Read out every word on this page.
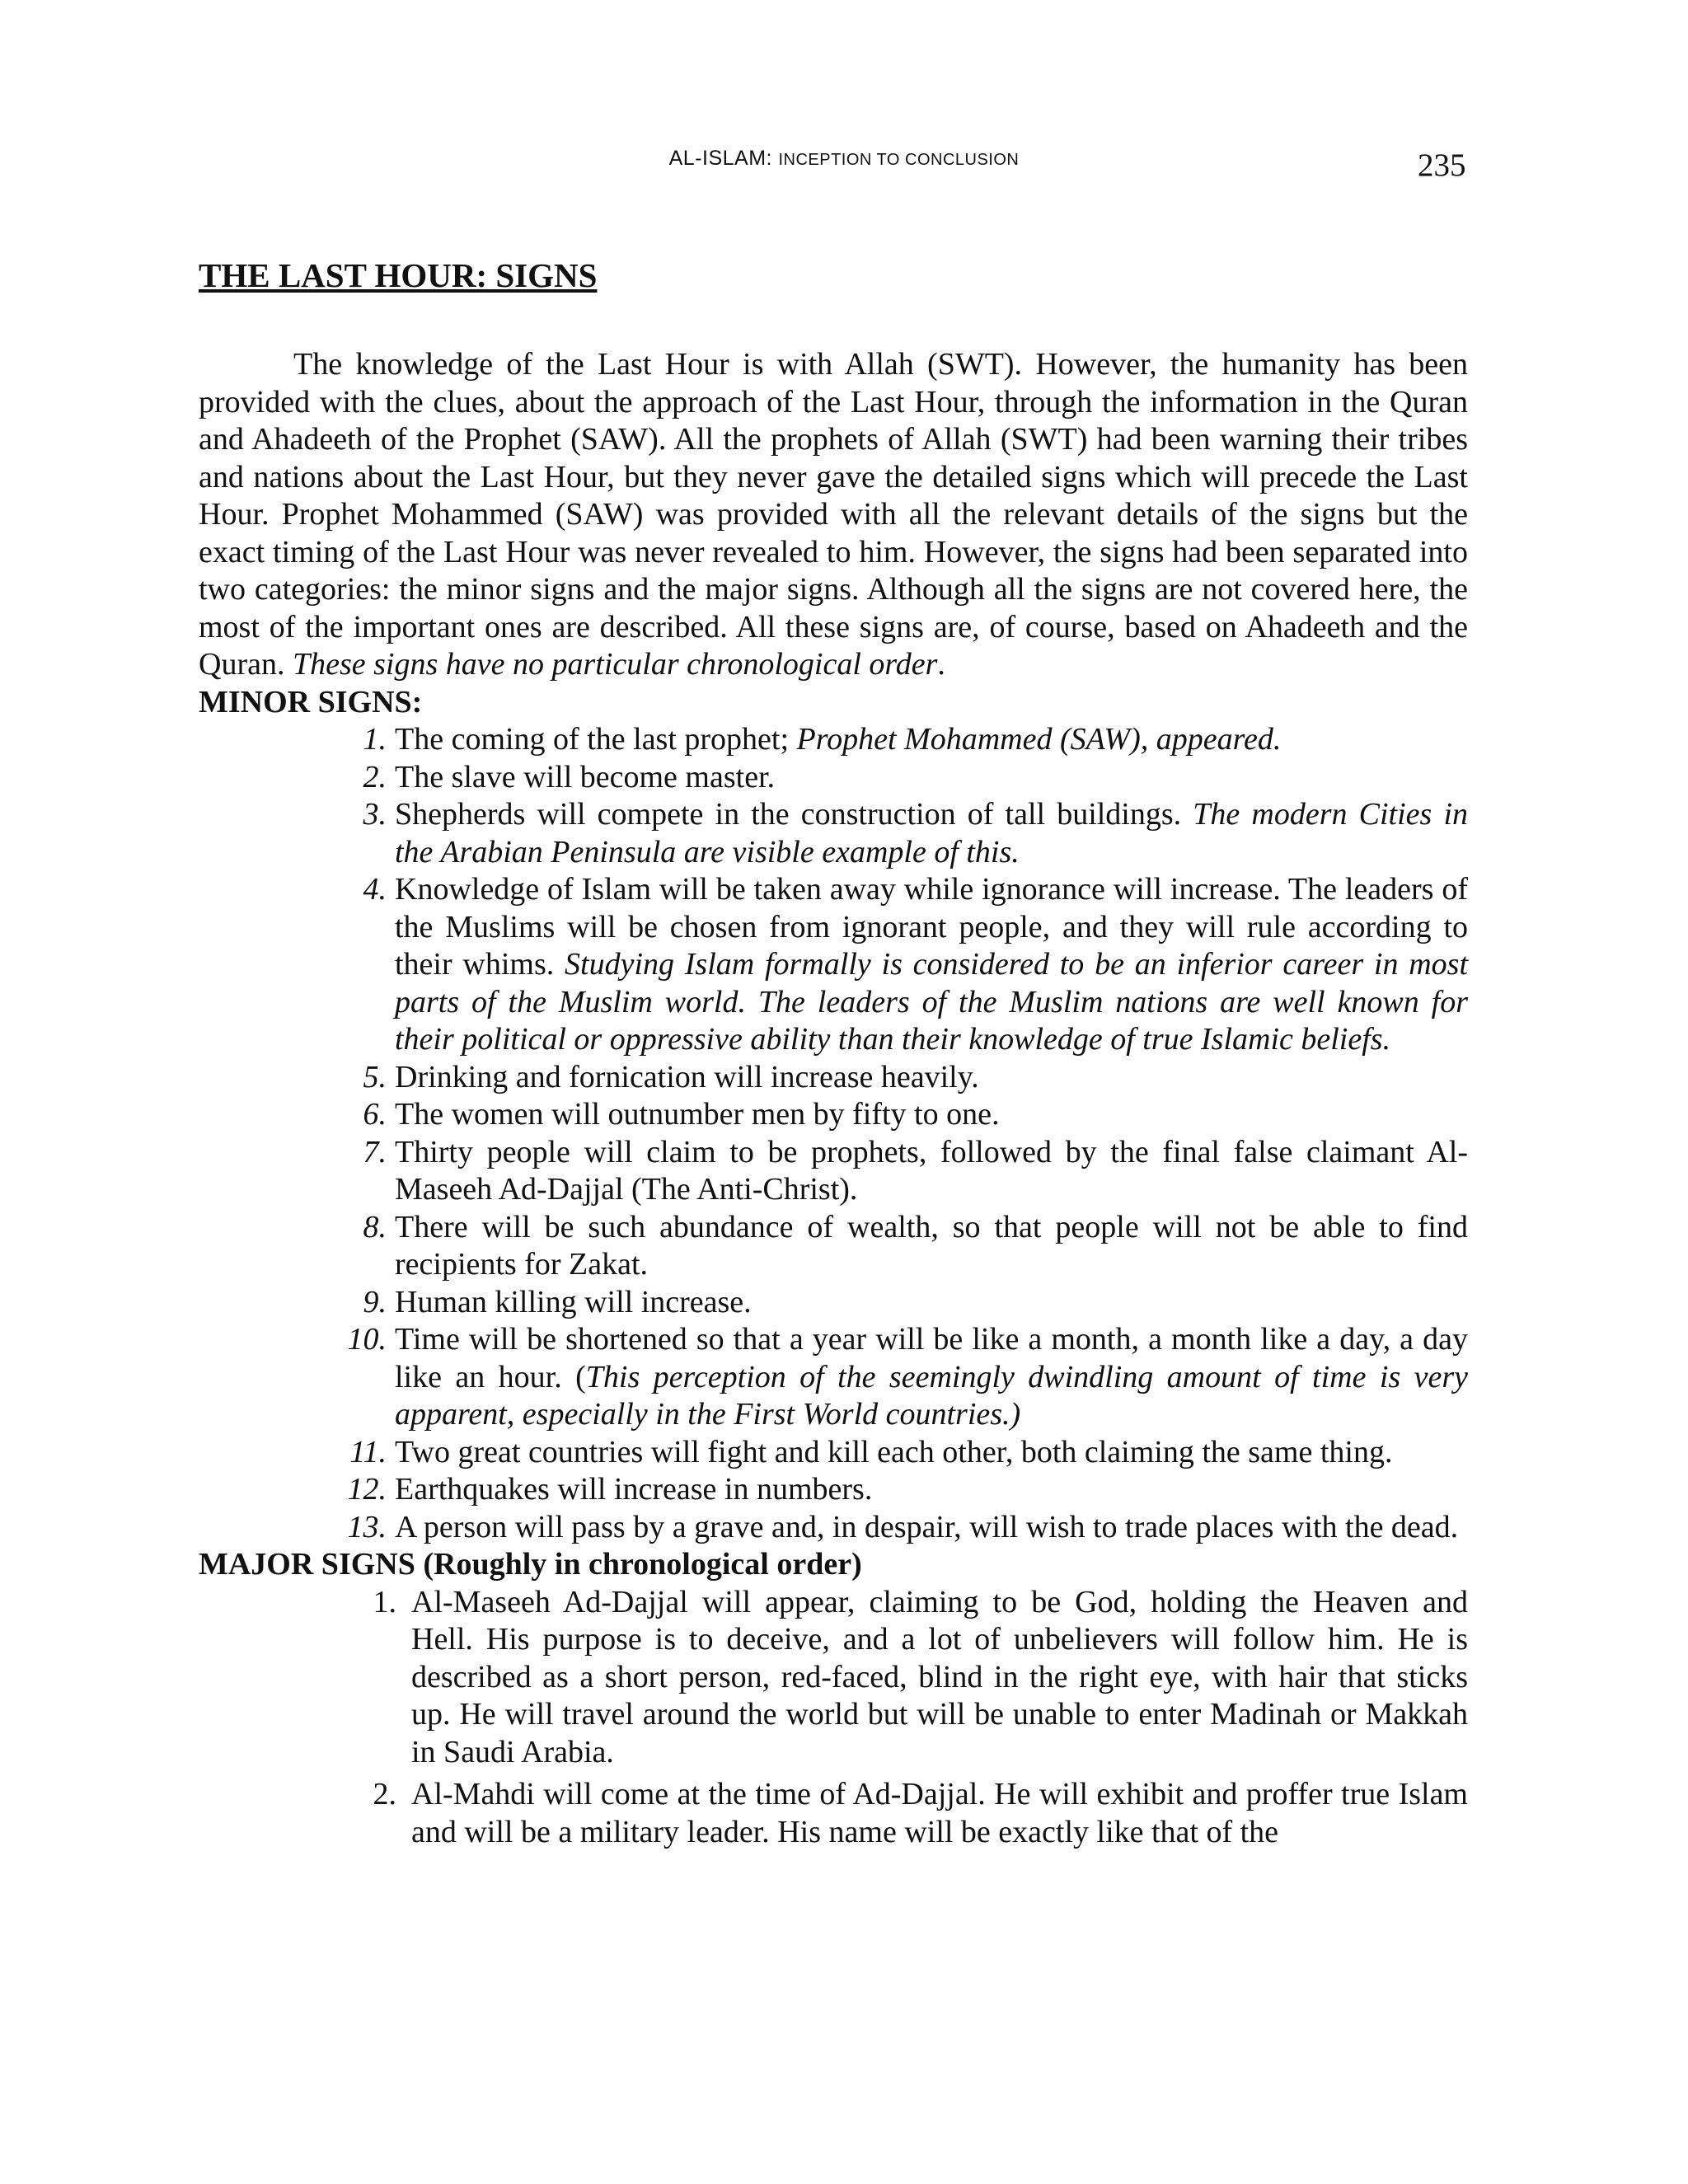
AL-ISLAM: INCEPTION TO CONCLUSION	235
THE LAST HOUR: SIGNS

The knowledge of the Last Hour is with Allah (SWT). However, the humanity has been provided with the clues, about the approach of the Last Hour, through the information in the Quran and Ahadeeth of the Prophet (SAW). All the prophets of Allah (SWT) had been warning their tribes and nations about the Last Hour, but they never gave the detailed signs which will precede the Last Hour. Prophet Mohammed (SAW) was provided with all the relevant details of the signs but the exact timing of the Last Hour was never revealed to him. However, the signs had been separated into two categories: the minor signs and the major signs. Although all the signs are not covered here, the most of the important ones are described. All these signs are, of course, based on Ahadeeth and the Quran. These signs have no particular chronological order.

MINOR SIGNS:
1. The coming of the last prophet; Prophet Mohammed (SAW), appeared.
2. The slave will become master.
3. Shepherds will compete in the construction of tall buildings. The modern Cities in the Arabian Peninsula are visible example of this.
4. Knowledge of Islam will be taken away while ignorance will increase. The leaders of the Muslims will be chosen from ignorant people, and they will rule according to their whims. Studying Islam formally is considered to be an inferior career in most parts of the Muslim world. The leaders of the Muslim nations are well known for their political or oppressive ability than their knowledge of true Islamic beliefs.
5. Drinking and fornication will increase heavily.
6. The women will outnumber men by fifty to one.
7. Thirty people will claim to be prophets, followed by the final false claimant Al-Maseeh Ad-Dajjal (The Anti-Christ).
8. There will be such abundance of wealth, so that people will not be able to find recipients for Zakat.
9. Human killing will increase.
10. Time will be shortened so that a year will be like a month, a month like a day, a day like an hour. (This perception of the seemingly dwindling amount of time is very apparent, especially in the First World countries.)
11. Two great countries will fight and kill each other, both claiming the same thing.
12. Earthquakes will increase in numbers.
13. A person will pass by a grave and, in despair, will wish to trade places with the dead.
MAJOR SIGNS (Roughly in chronological order)
1. Al-Maseeh Ad-Dajjal will appear, claiming to be God, holding the Heaven and Hell. His purpose is to deceive, and a lot of unbelievers will follow him. He is described as a short person, red-faced, blind in the right eye, with hair that sticks up. He will travel around the world but will be unable to enter Madinah or Makkah in Saudi Arabia.
2. Al-Mahdi will come at the time of Ad-Dajjal. He will exhibit and proffer true Islam and will be a military leader. His name will be exactly like that of the
